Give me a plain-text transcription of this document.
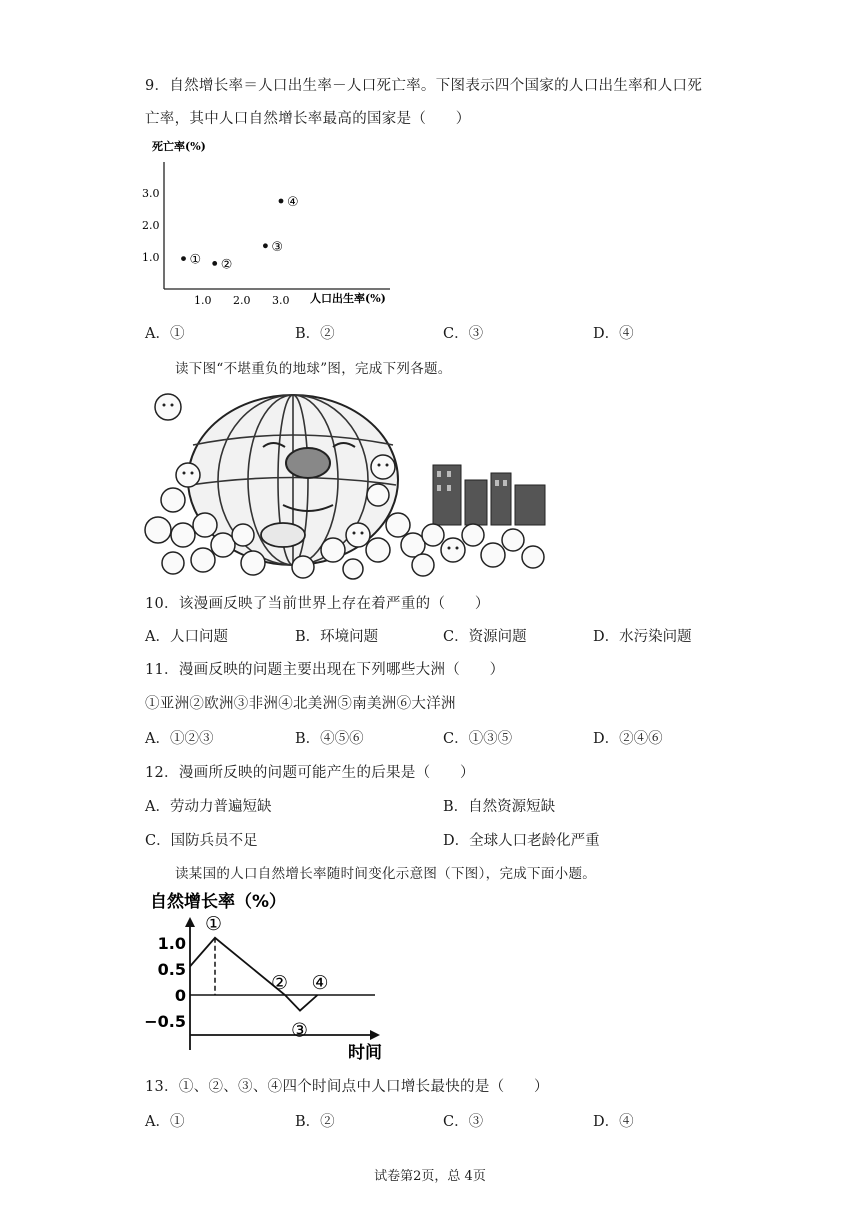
9．自然增长率＝人口出生率－人口死亡率。下图表示四个国家的人口出生率和人口死
亡率，其中人口自然增长率最高的国家是（　　）
死亡率(%)
人口出生率(%)
1.0
2.0
3.0
1.0 2.0 3.0
① ②
③
④
A．①	B．②	C．③	D．④
读下图“不堪重负的地球”图，完成下列各题。
10．该漫画反映了当前世界上存在着严重的（　　）
A．人口问题	B．环境问题	C．资源问题	D．水污染问题
11．漫画反映的问题主要出现在下列哪些大洲（　　）
①亚洲②欧洲③非洲④北美洲⑤南美洲⑥大洋洲
A．①②③	B．④⑤⑥	C．①③⑤	D．②④⑥
12．漫画所反映的问题可能产生的后果是（　　）
A．劳动力普遍短缺	B．自然资源短缺
C．国防兵员不足	D．全球人口老龄化严重
读某国的人口自然增长率随时间变化示意图（下图），完成下面小题。
自然增长率（%）
时间
1.0
0.5
0
−0.5
①
②
③
④
13．①、②、③、④四个时间点中人口增长最快的是（　　）
A．①	B．②	C．③	D．④
试卷第2页，总 4页
